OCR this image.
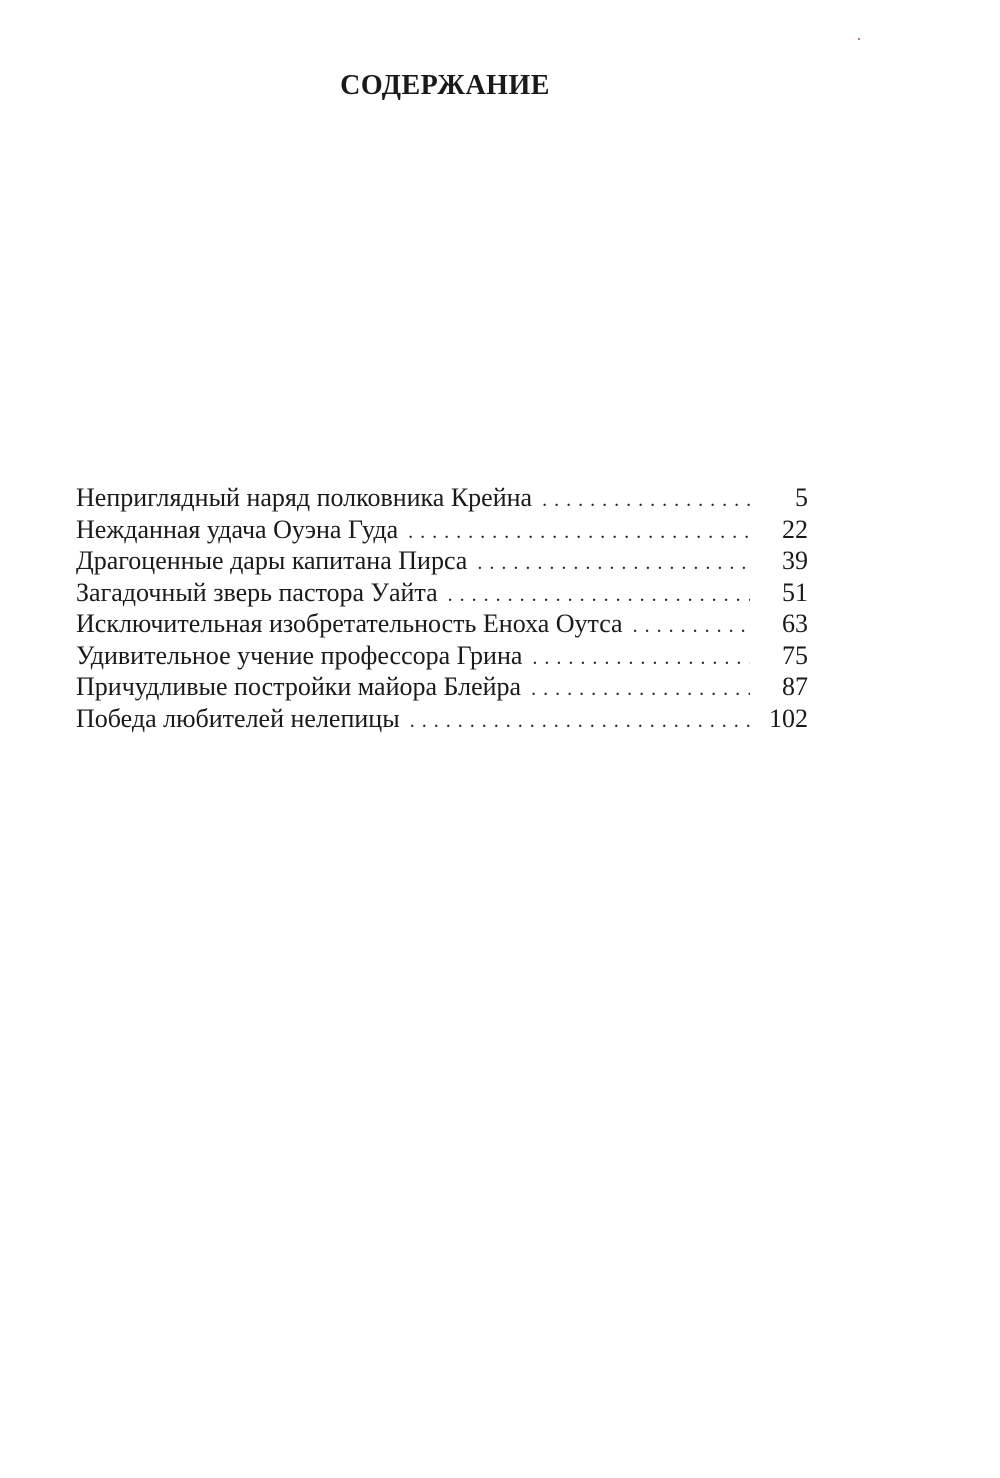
СОДЕРЖАНИЕ
Неприглядный наряд полковника Крейна . . .	5
Нежданная удача Оуэна Гуда . . .	22
Драгоценные дары капитана Пирса . . .	39
Загадочный зверь пастора Уайта . . .	51
Исключительная изобретательность Еноха Оутса . . .	63
Удивительное учение профессора Грина . . .	75
Причудливые постройки майора Блейра . . .	87
Победа любителей нелепицы . . .	102
